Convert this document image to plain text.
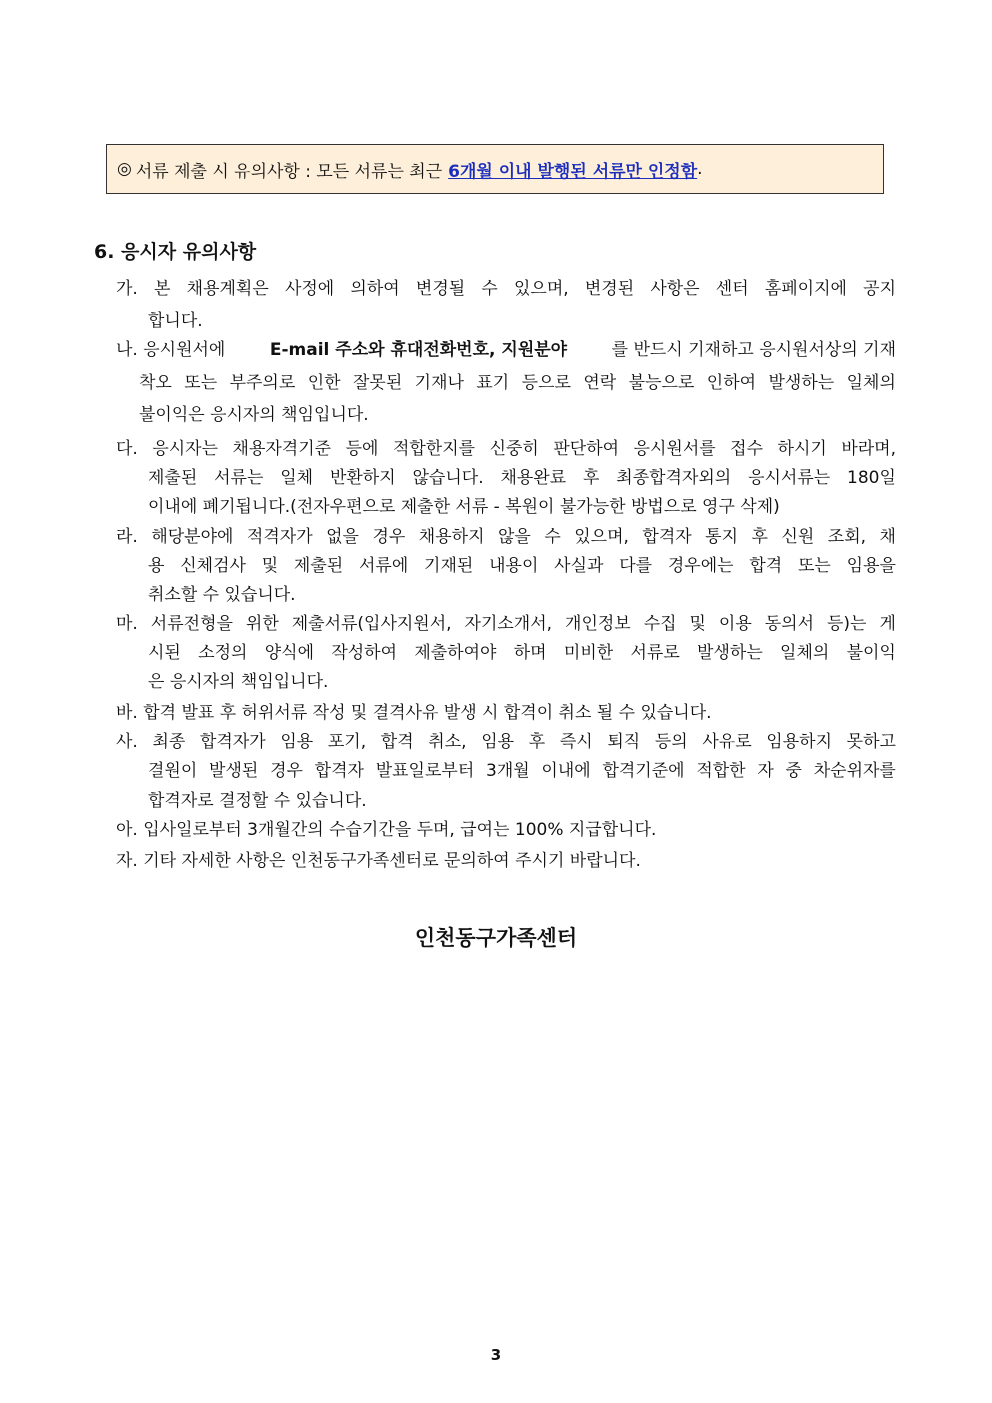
◎ 서류 제출 시 유의사항 : 모든 서류는 최근 6개월 이내 발행된 서류만 인정함 .
6. 응시자 유의사항
가. 본 채용계획은 사정에 의하여 변경될 수 있으며, 변경된 사항은 센터 홈페이지에 공지
합니다.
나. 응시원서에	E-mail 주소와 휴대전화번호, 지원분야	를 반드시 기재하고 응시원서상의 기재
착오 또는 부주의로 인한 잘못된 기재나 표기 등으로 연락 불능으로 인하여 발생하는 일체의
불이익은 응시자의 책임입니다.
다. 응시자는 채용자격기준 등에 적합한지를 신중히 판단하여 응시원서를 접수 하시기 바라며,
제출된 서류는 일체 반환하지 않습니다. 채용완료 후 최종합격자외의 응시서류는 180일
이내에 폐기됩니다.(전자우편으로 제출한 서류 - 복원이 불가능한 방법으로 영구 삭제)
라. 해당분야에 적격자가 없을 경우 채용하지 않을 수 있으며, 합격자 통지 후 신원 조회, 채
용 신체검사 및 제출된 서류에 기재된 내용이 사실과 다를 경우에는 합격 또는 임용을
취소할 수 있습니다.
마. 서류전형을 위한 제출서류(입사지원서, 자기소개서, 개인정보 수집 및 이용 동의서 등)는 게
시된 소정의 양식에 작성하여 제출하여야 하며 미비한 서류로 발생하는 일체의 불이익
은 응시자의 책임입니다.
바. 합격 발표 후 허위서류 작성 및 결격사유 발생 시 합격이 취소 될 수 있습니다.
사. 최종 합격자가 임용 포기, 합격 취소, 임용 후 즉시 퇴직 등의 사유로 임용하지 못하고
결원이 발생된 경우 합격자 발표일로부터 3개월 이내에 합격기준에 적합한 자 중 차순위자를
합격자로 결정할 수 있습니다.
아. 입사일로부터 3개월간의 수습기간을 두며, 급여는 100% 지급합니다.
자. 기타 자세한 사항은 인천동구가족센터로 문의하여 주시기 바랍니다.
인천동구가족센터
3
